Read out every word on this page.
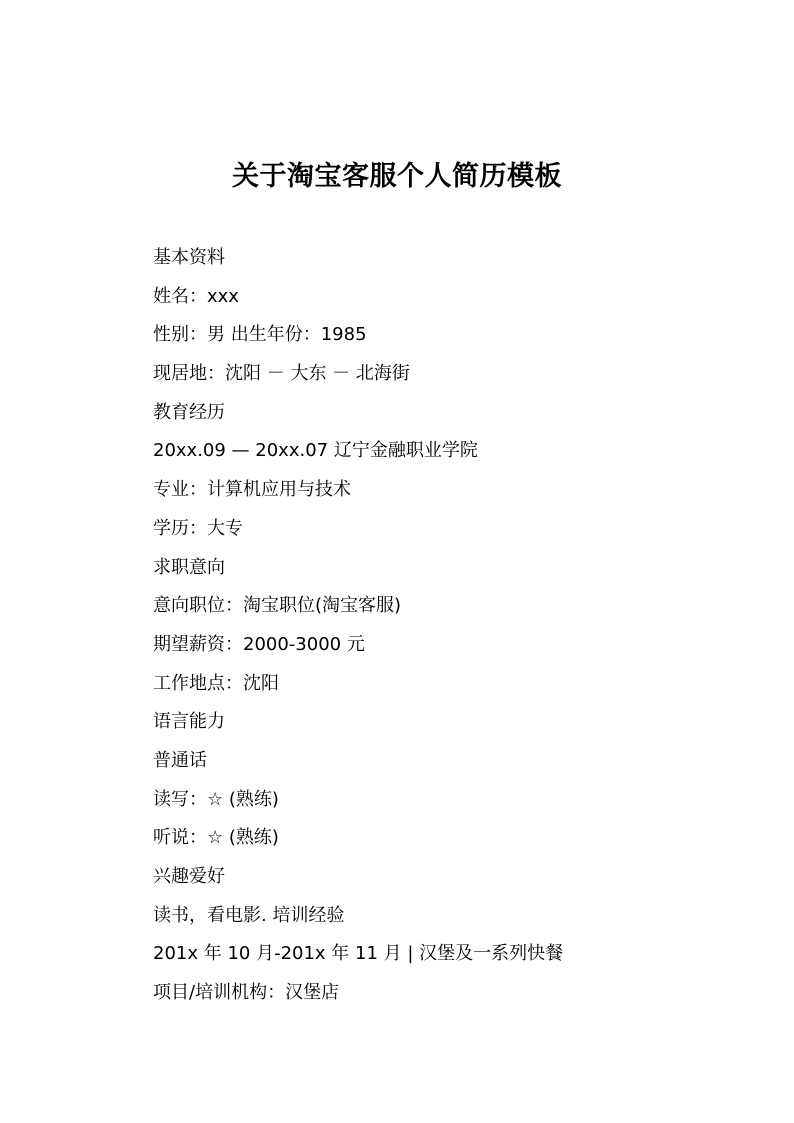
关于淘宝客服个人简历模板
基本资料
姓名：xxx
性别：男 出生年份：1985
现居地：沈阳 － 大东 － 北海街
教育经历
20xx.09 — 20xx.07 辽宁金融职业学院
专业：计算机应用与技术
学历：大专
求职意向
意向职位：淘宝职位(淘宝客服)
期望薪资：2000-3000 元
工作地点：沈阳
语言能力
普通话
读写：☆ (熟练)
听说：☆ (熟练)
兴趣爱好
读书，看电影. 培训经验
201x 年 10 月-201x 年 11 月 | 汉堡及一系列快餐
项目/培训机构：汉堡店
